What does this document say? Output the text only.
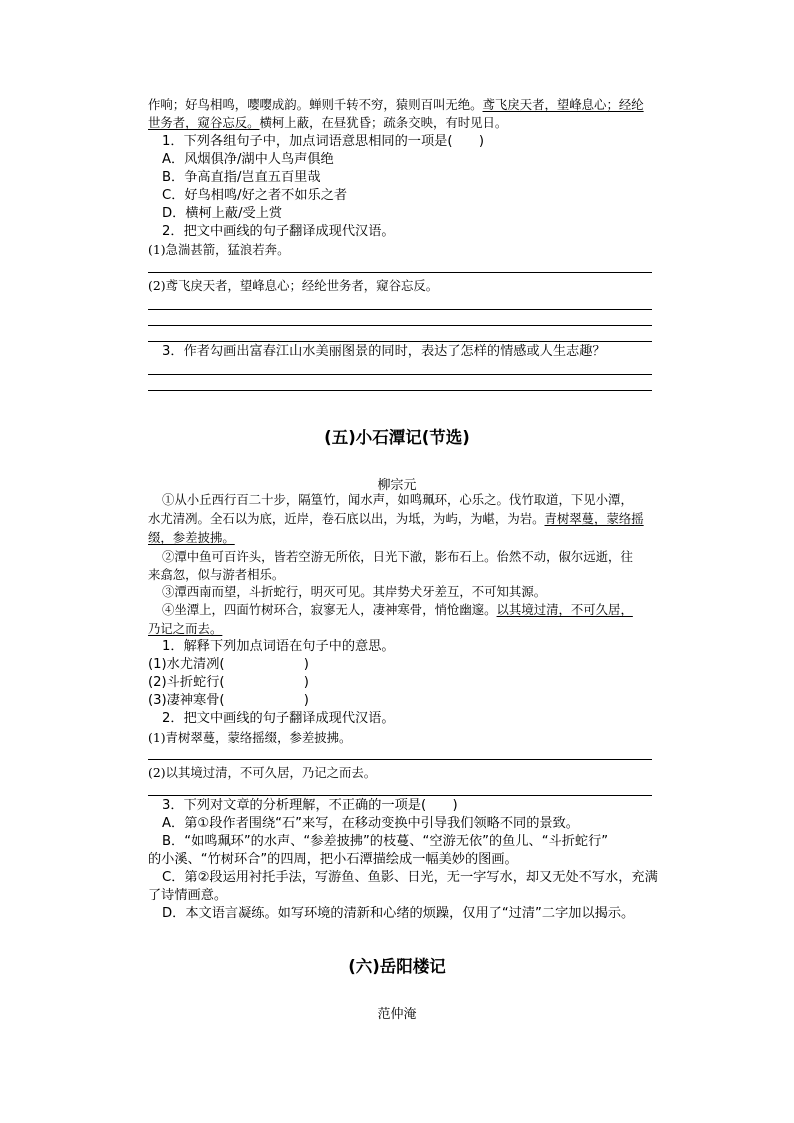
作响；好鸟相鸣，嘤嘤成韵。蝉则千转不穷，猿则百叫无绝。鸢飞戾天者，望峰息心；经纶
世务者，窥谷忘反。横柯上蔽，在昼犹昏；疏条交映，有时见日。
1．下列各组句子中，加点词语意思相同的一项是(　　)
A．风烟俱净/湖中人鸟声俱绝
B．争高直指/岂直五百里哉
C．好鸟相鸣/好之者不如乐之者
D．横柯上蔽/受上赏
2．把文中画线的句子翻译成现代汉语。
(1)急湍甚箭，猛浪若奔。
(2)鸢飞戾天者，望峰息心；经纶世务者，窥谷忘反。
3．作者勾画出富春江山水美丽图景的同时，表达了怎样的情感或人生志趣？
(五)小石潭记(节选)
柳宗元
①从小丘西行百二十步，隔篁竹，闻水声，如鸣珮环，心乐之。伐竹取道，下见小潭，
水尤清冽。全石以为底，近岸，卷石底以出，为坻，为屿，为嵁，为岩。青树翠蔓，蒙络摇
缀，参差披拂。
②潭中鱼可百许头，皆若空游无所依，日光下澈，影布石上。佁然不动，俶尔远逝，往
来翕忽，似与游者相乐。
③潭西南而望，斗折蛇行，明灭可见。其岸势犬牙差互，不可知其源。
④坐潭上，四面竹树环合，寂寥无人，凄神寒骨，悄怆幽邃。以其境过清，不可久居，
乃记之而去。
1．解释下列加点词语在句子中的意思。
(1)水尤清冽(　　　　　　)
(2)斗折蛇行(　　　　　　)
(3)凄神寒骨(　　　　　　)
2．把文中画线的句子翻译成现代汉语。
(1)青树翠蔓，蒙络摇缀，参差披拂。
(2)以其境过清，不可久居，乃记之而去。
3．下列对文章的分析理解，不正确的一项是(　　)
A．第①段作者围绕“石”来写，在移动变换中引导我们领略不同的景致。
B．“如鸣珮环”的水声、“参差披拂”的枝蔓、“空游无依”的鱼儿、“斗折蛇行”
的小溪、“竹树环合”的四周，把小石潭描绘成一幅美妙的图画。
C．第②段运用衬托手法，写游鱼、鱼影、日光，无一字写水，却又无处不写水，充满
了诗情画意。
D．本文语言凝练。如写环境的清新和心绪的烦躁，仅用了“过清”二字加以揭示。
(六)岳阳楼记
范仲淹
